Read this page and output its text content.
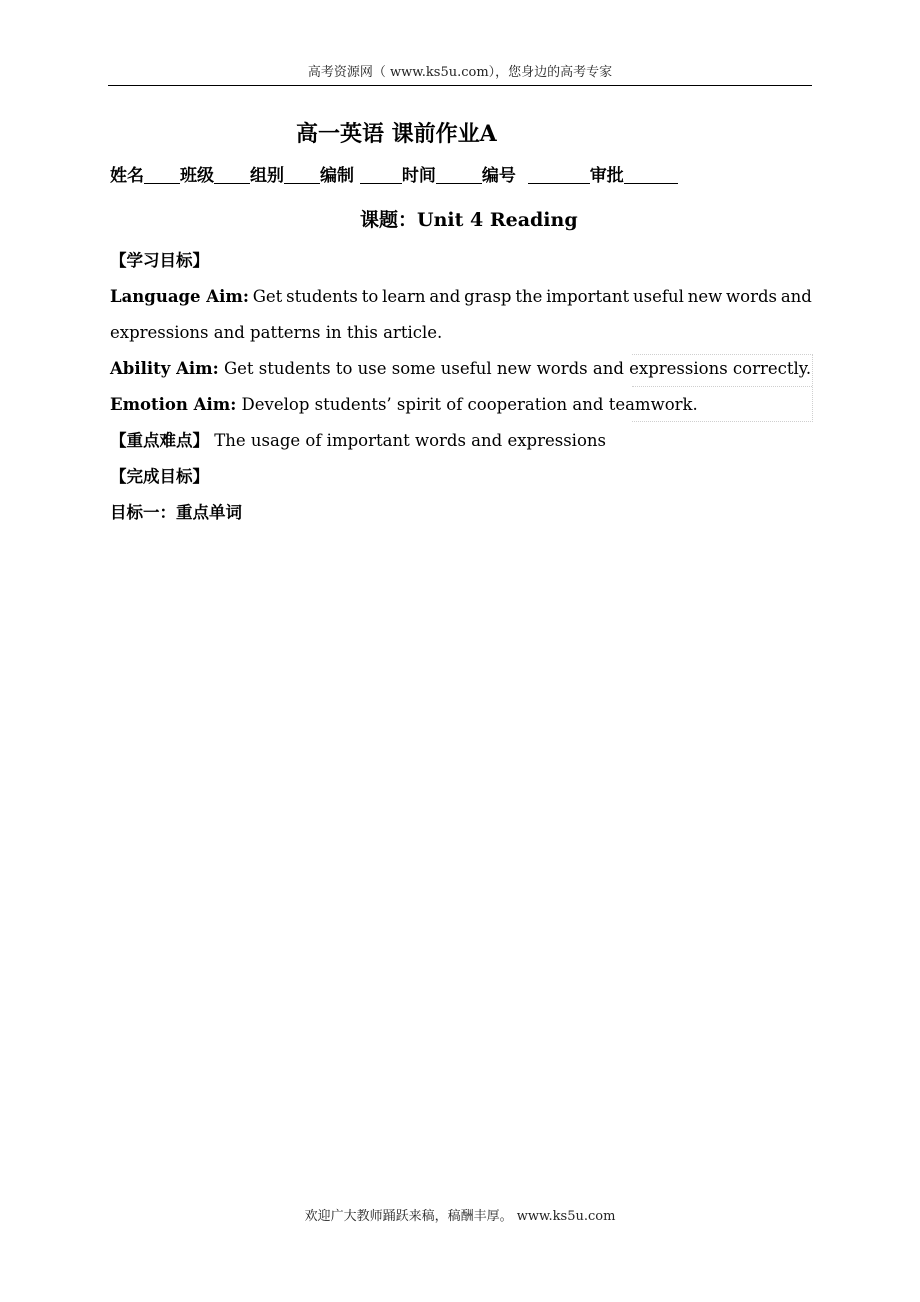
高考资源网（ www.ks5u.com），您身边的高考专家
高一英语 课前作业A
姓名 班级 组别 编制	时间	编号	审批
课题：Unit 4 Reading
【学习目标】
Language Aim: Get students to learn and grasp the important useful new words and
expressions and patterns in this article.
Ability Aim: Get students to use some useful new words and expressions correctly.
Emotion Aim: Develop students’ spirit of cooperation and teamwork.
【重点难点】 The usage of important words and expressions
【完成目标】
目标一：重点单词
欢迎广大教师踊跃来稿，稿酬丰厚。 www.ks5u.com
